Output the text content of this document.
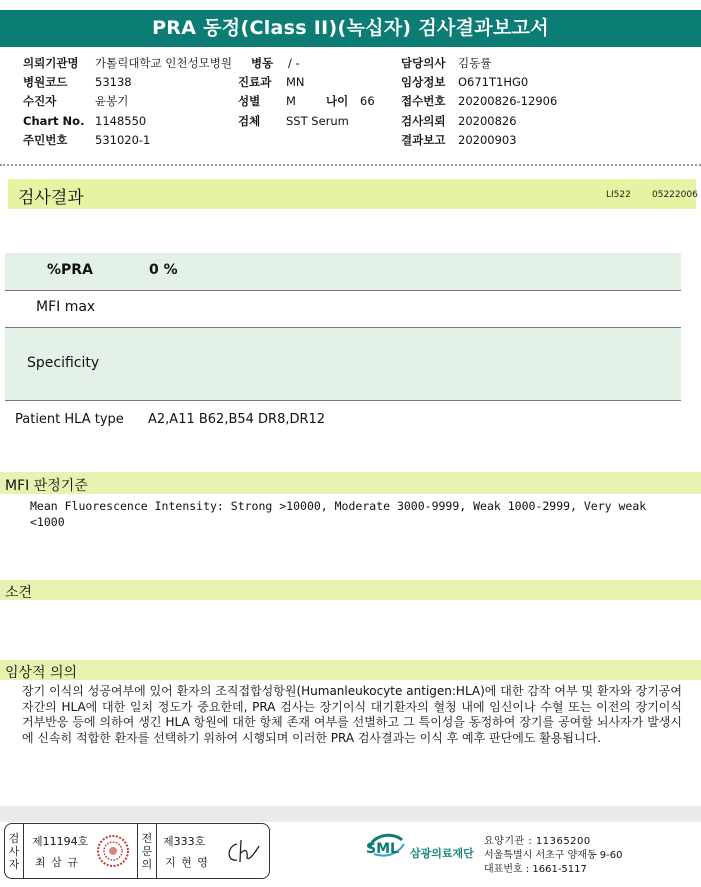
PRA 동정(Class II)(녹십자) 검사결과보고서
의뢰기관명 가톨릭대학교 인천성모병원 병동 / -	담당의사 김동률
병원코드 53138	진료과 MN	임상정보 O671T1HG0
수진자	윤봉기	성별 M	나이 66 접수번호 20200826-12906
Chart No. 1148550	검체 SST Serum	검사의뢰 20200826
주민번호 531020-1	결과보고 20200903
검사결과	LI522 05222006
%PRA	0 %
MFI max
Specificity
Patient HLA type A2,A11 B62,B54 DR8,DR12
MFI 판정기준
Mean Fluorescence Intensity: Strong >10000, Moderate 3000-9999, Weak 1000-2999, Very weak <1000
소견
임상적 의의
장기 이식의 성공여부에 있어 환자의 조직접합성항원(Humanleukocyte antigen:HLA)에 대한 감작 여부 및 환자와 장기공여자간의 HLA에 대한 일치 정도가 중요한데, PRA 검사는 장기이식 대기환자의 혈청 내에 임신이나 수혈 또는 이전의 장기이식 거부반응 등에 의하여 생긴 HLA 항원에 대한 항체 존재 여부를 선별하고 그 특이성을 동정하여 장기를 공여할 뇌사자가 발생시에 신속히 적합한 환자를 선택하기 위하여 시행되며 이러한 PRA 검사결과는 이식 후 예후 판단에도 활용됩니다.
검
사
자
제11194호
최 삼 규
전
문
의
제333호
지 현 영
SML 삼광의료재단
요양기관 : 11365200
서울특별시 서초구 양재동 9-60
대표번호 : 1661-5117
